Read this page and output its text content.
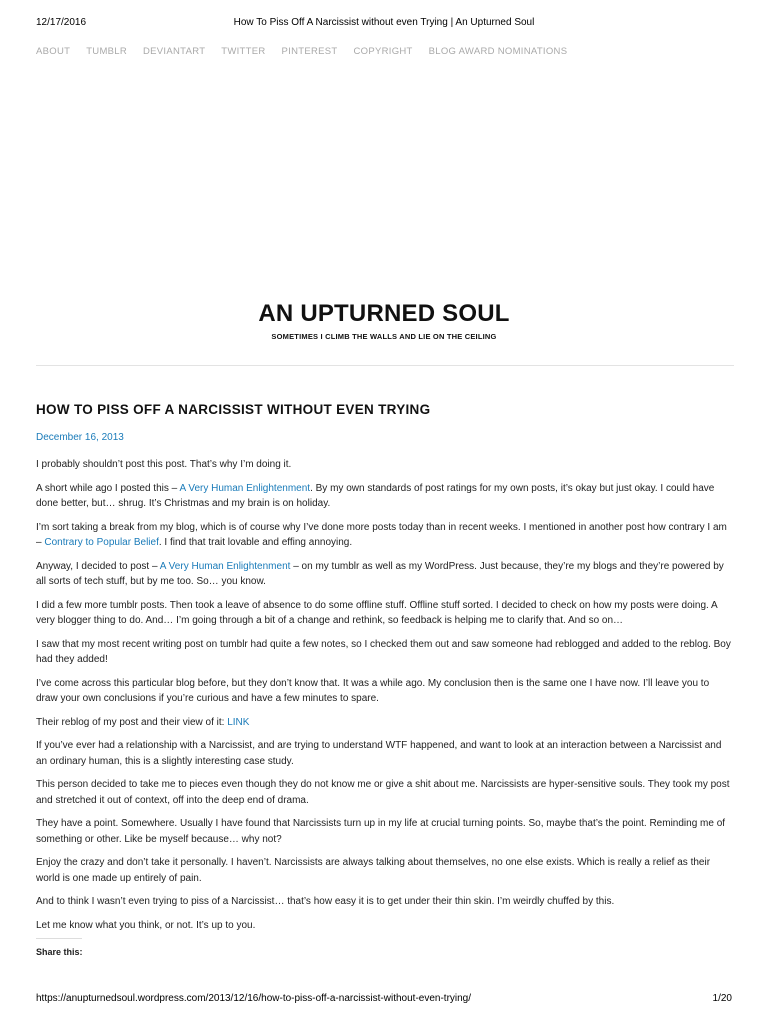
12/17/2016	How To Piss Off A Narcissist without even Trying | An Upturned Soul
ABOUT TUMBLR DEVIANTART TWITTER PINTEREST COPYRIGHT BLOG AWARD NOMINATIONS
AN UPTURNED SOUL
SOMETIMES I CLIMB THE WALLS AND LIE ON THE CEILING
HOW TO PISS OFF A NARCISSIST WITHOUT EVEN TRYING
December 16, 2013

I probably shouldn’t post this post. That’s why I’m doing it.

A short while ago I posted this – A Very Human Enlightenment. By my own standards of post ratings for my own posts, it’s okay but just okay. I could have done better, but… shrug. It’s Christmas and my brain is on holiday.

I’m sort taking a break from my blog, which is of course why I’ve done more posts today than in recent weeks. I mentioned in another post how contrary I am – Contrary to Popular Belief. I find that trait lovable and effing annoying.

Anyway, I decided to post – A Very Human Enlightenment – on my tumblr as well as my WordPress. Just because, they’re my blogs and they’re powered by all sorts of tech stuff, but by me too. So… you know.

I did a few more tumblr posts. Then took a leave of absence to do some offline stuff. Offline stuff sorted. I decided to check on how my posts were doing. A very blogger thing to do. And… I’m going through a bit of a change and rethink, so feedback is helping me to clarify that. And so on…

I saw that my most recent writing post on tumblr had quite a few notes, so I checked them out and saw someone had reblogged and added to the reblog. Boy had they added!

I’ve come across this particular blog before, but they don’t know that. It was a while ago. My conclusion then is the same one I have now. I’ll leave you to draw your own conclusions if you’re curious and have a few minutes to spare.

Their reblog of my post and their view of it: LINK

If you’ve ever had a relationship with a Narcissist, and are trying to understand WTF happened, and want to look at an interaction between a Narcissist and an ordinary human, this is a slightly interesting case study.

This person decided to take me to pieces even though they do not know me or give a shit about me. Narcissists are hyper-sensitive souls. They took my post and stretched it out of context, off into the deep end of drama.

They have a point. Somewhere. Usually I have found that Narcissists turn up in my life at crucial turning points. So, maybe that’s the point. Reminding me of something or other. Like be myself because… why not?

Enjoy the crazy and don’t take it personally. I haven’t. Narcissists are always talking about themselves, no one else exists. Which is really a relief as their world is one made up entirely of pain.

And to think I wasn’t even trying to piss of a Narcissist… that’s how easy it is to get under their thin skin. I’m weirdly chuffed by this.

Let me know what you think, or not. It’s up to you.

Share this:
https://anupturnedsoul.wordpress.com/2013/12/16/how-to-piss-off-a-narcissist-without-even-trying/	1/20
